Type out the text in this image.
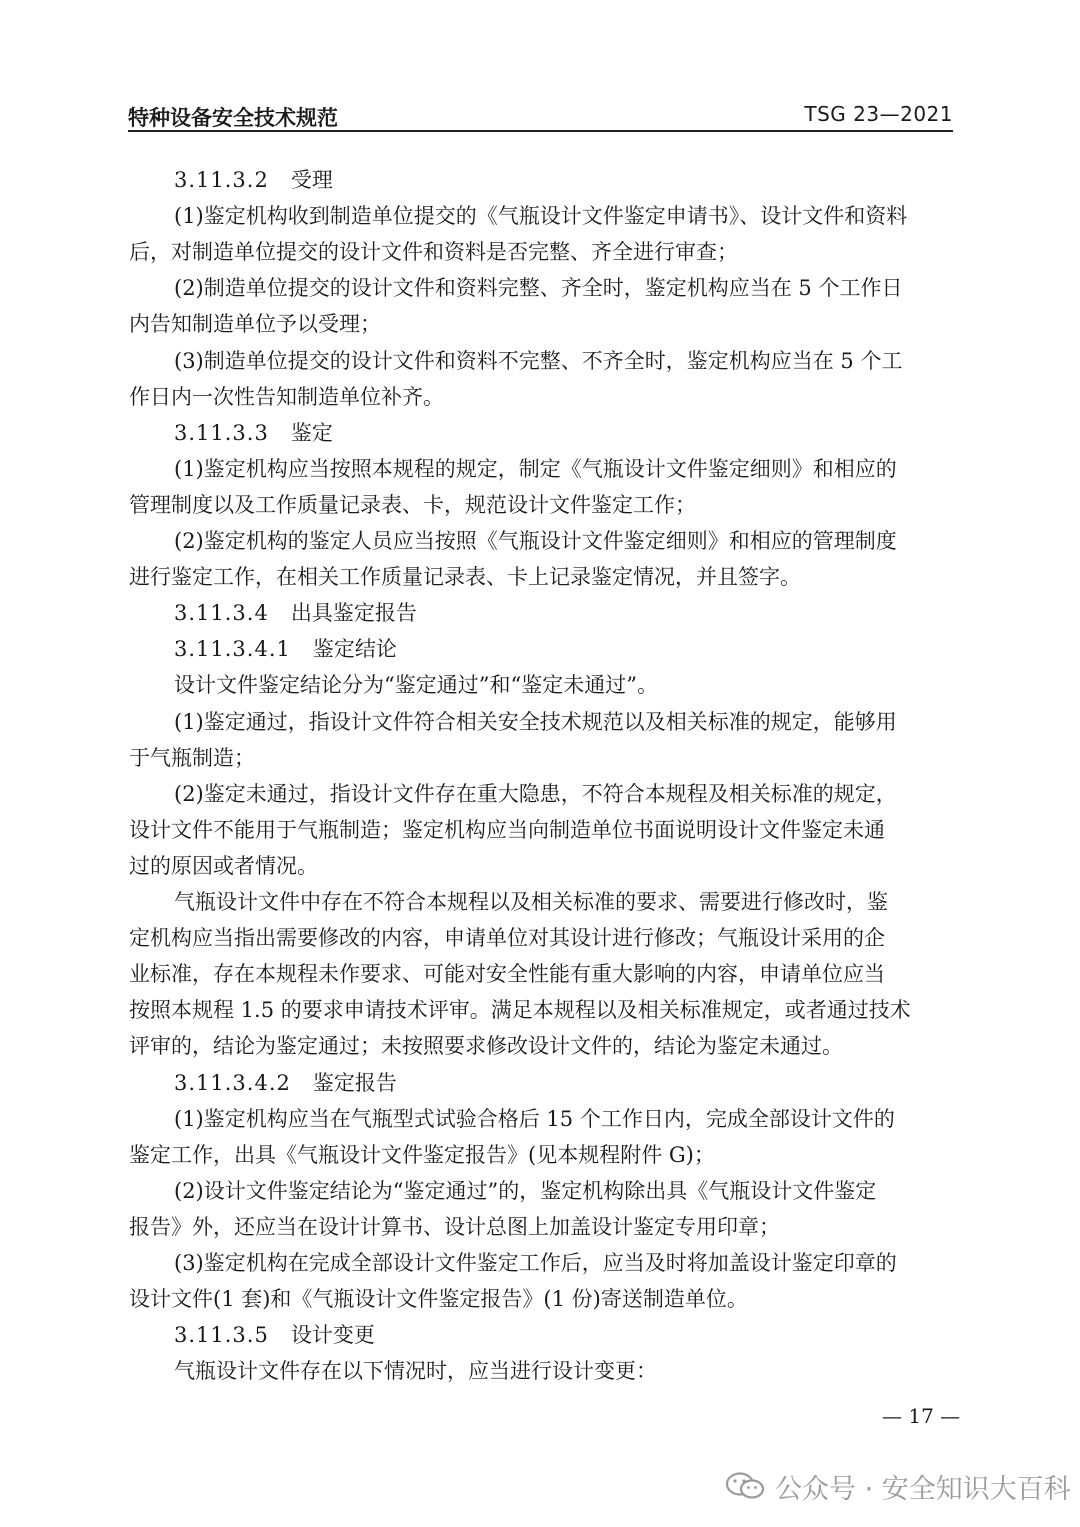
特种设备安全技术规范	TSG 23—2021
3.11.3.2 受理
(1)鉴定机构收到制造单位提交的《气瓶设计文件鉴定申请书》、设计文件和资料
后，对制造单位提交的设计文件和资料是否完整、齐全进行审查；
(2)制造单位提交的设计文件和资料完整、齐全时，鉴定机构应当在 5 个工作日
内告知制造单位予以受理；
(3)制造单位提交的设计文件和资料不完整、不齐全时，鉴定机构应当在 5 个工
作日内一次性告知制造单位补齐。
3.11.3.3 鉴定
(1)鉴定机构应当按照本规程的规定，制定《气瓶设计文件鉴定细则》和相应的
管理制度以及工作质量记录表、卡，规范设计文件鉴定工作；
(2)鉴定机构的鉴定人员应当按照《气瓶设计文件鉴定细则》和相应的管理制度
进行鉴定工作，在相关工作质量记录表、卡上记录鉴定情况，并且签字。
3.11.3.4 出具鉴定报告
3.11.3.4.1 鉴定结论
设计文件鉴定结论分为“鉴定通过”和“鉴定未通过”。
(1)鉴定通过，指设计文件符合相关安全技术规范以及相关标准的规定，能够用
于气瓶制造；
(2)鉴定未通过，指设计文件存在重大隐患，不符合本规程及相关标准的规定，
设计文件不能用于气瓶制造；鉴定机构应当向制造单位书面说明设计文件鉴定未通
过的原因或者情况。
气瓶设计文件中存在不符合本规程以及相关标准的要求、需要进行修改时，鉴
定机构应当指出需要修改的内容，申请单位对其设计进行修改；气瓶设计采用的企
业标准，存在本规程未作要求、可能对安全性能有重大影响的内容，申请单位应当
按照本规程 1.5 的要求申请技术评审。满足本规程以及相关标准规定，或者通过技术
评审的，结论为鉴定通过；未按照要求修改设计文件的，结论为鉴定未通过。
3.11.3.4.2 鉴定报告
(1)鉴定机构应当在气瓶型式试验合格后 15 个工作日内，完成全部设计文件的
鉴定工作，出具《气瓶设计文件鉴定报告》(见本规程附件 G)；
(2)设计文件鉴定结论为“鉴定通过”的，鉴定机构除出具《气瓶设计文件鉴定
报告》外，还应当在设计计算书、设计总图上加盖设计鉴定专用印章；
(3)鉴定机构在完成全部设计文件鉴定工作后，应当及时将加盖设计鉴定印章的
设计文件(1 套)和《气瓶设计文件鉴定报告》(1 份)寄送制造单位。
3.11.3.5 设计变更
气瓶设计文件存在以下情况时，应当进行设计变更：
— 17 —
公众号 · 安全知识大百科
